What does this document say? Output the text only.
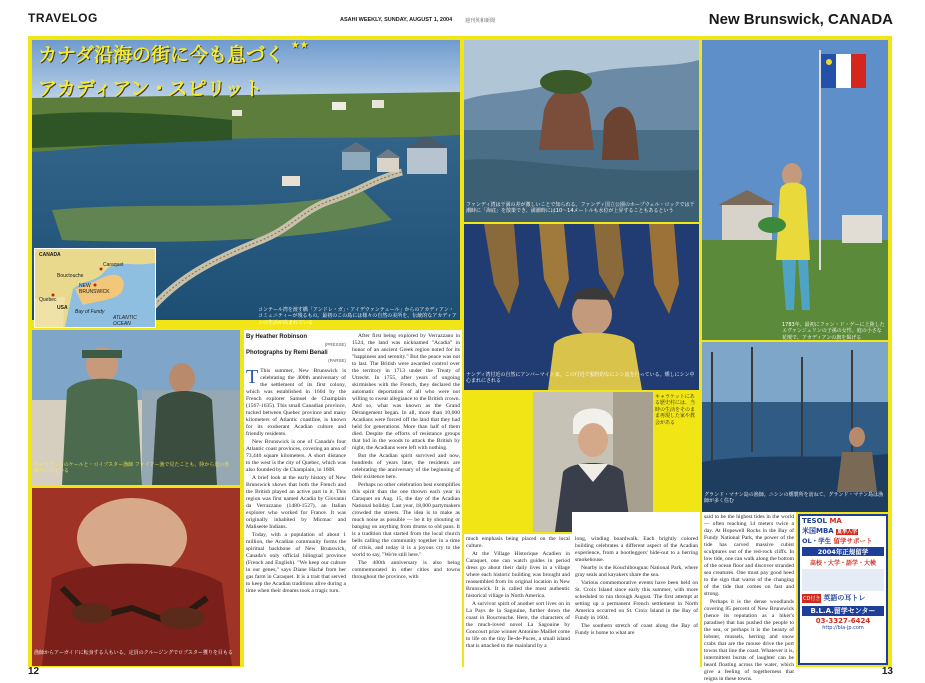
TRAVELOG	ASAHI WEEKLY, SUNDAY, AUGUST 1, 2004	週刊英和新聞	New Brunswick, CANADA
カナダ沿海の街に今も息づく ★★
アカディアン・スピリット
CANADA
Caraquet
Bouctouche
NEW BRUNSWICK
Quebec
USA
Bay of Fundy
ATLANTIC OCEAN
コンテール湾を渡す橋「アンドレ・ガ」・アイデウァンテュール」からのアカディアン・コミュニティーが残るもの。最初のこの島には様々の自然の美所を、伝統的なアカディアンの生活が高まれている
キャラケットのケールと・ロイブスター漁師 ファイアー漁で見たことも、陸から近い魚取りに出ている
漁師からアーガイドに転身する人もいる。定員のクルージングでロブスター獲りを目もる
By Heather Robinson
(PRESSE)
Photographs by Remi Benali
(PARSE)

T This summer, New Brunswick is celebrating the 400th anniversary of the settlement of its first colony, which was established in 1604 by the French explorer Samuel de Champlain (1567-1635). This small Canadian province, tucked between Quebec province and many kilometers of Atlantic coastline, is known for its exuberant Acadian culture and friendly residents.

New Brunswick is one of Canada's four Atlantic coast provinces, covering an area of 73,440 square kilometers. A short distance to the west is the city of Quebec, which was also founded by de Champlain, in 1608.

A brief look at the early history of New Brunswick shows that both the French and the British played an active part in it. This region was first named Acadia by Giovanni da Verrazzano (1480-1527), an Italian explorer who worked for France. It was originally inhabited by Micmac and Maliseete Indians.

Today, with a population of about 1 million, the Acadian community forms the spiritual backbone of New Brunswick, Canada's only official bilingual province (French and English). "We keep our culture in our genes," says Diane Haché from her gas farm in Caraquet. It is a trait that served to keep the Acadian traditions alive during a time when their dreams took a tragic turn.

After first being explored by Verrazzano in 1524, the land was nicknamed "Acadia" in honor of an ancient Greek region noted for its "happiness and serenity." But the peace was not to last. The British were awarded control over the territory in 1713 under the Treaty of Utrecht. In 1755, after years of ongoing skirmishes with the French, they declared the automatic deportation of all who were not willing to swear allegiance to the British crown. And so, what was known as the Grand Dérangement began. In all, more than 10,000 Acadians were forced off the land that they had held for generations. More than half of them died. Despite the efforts of resistance groups that hid in the woods to attack the British by night, the Acadians were left with nothing.

But the Acadian spirit survived and now, hundreds of years later, the residents are celebrating the anniversary of the beginning of their existence here.

Perhaps no other celebration best exemplifies this spirit than the one thrown each year in Caraquet on Aug. 15, the day of the Acadian National holiday. Last year, 18,000 partymakers crowded the streets. The idea is to make as much noise as possible — be it by shouting or banging on anything from drums to old pans. It is a tradition that started from the local church bells calling the community together in a time of crisis, and today it is a joyous cry to the world to say, "We're still here."

The 400th anniversary is also being commemorated in other cities and towns throughout the province, with

ファンディ湾は干満の差が激しいことで知られる。ファンディ国立公園のホープウェル・ロックでは干潮時に「海底」を散策でき、満潮時には10〜14メートルも水位が上昇することもあるという
1783年、最初にファン・ド・ゲーに上陸したエヴァンジェリンの子孫の女性。庭の小さな花壇で、アカディアンの旗を掲げる
ナンディ湾付近の自然にアンバーマイト家。この付近で独特的なにシン流を行っている。燻しにシン中心まれにされる
キャラケットにある歴史村には、当時の生活をそのまま再現した家や教会がある
グランド・マナン島の漁師。ニシンの燻製所を訪ねて、グランド・マナン島は漁師が多く住む

much emphasis being placed on the local culture.

At the Village Historique Acadien in Caraquet, one can watch guides in period dress go about their daily lives in a village where each historic building was brought and reassembled from its original location in New Brunswick. It is called the most authentic historical village in North America.

A survivor spirit of another sort lives on in La Pays de la Sagouine, further down the coast in Bouctouche. Here, the characters of the much-loved novel La Sagouine by Goncourt prize winner Antonine Maillet come to life on the tiny Île-de-Puces, a small island that is attached to the mainland by a

long, winding boardwalk. Each brightly colored building celebrates a different aspect of the Acadian experience, from a bootleggers' hide-out to a herring smokehouse.

Nearby is the Kouchibouguac National Park, where gray seals and kayakers share the sea.

Various commemorative events have been held on St. Croix Island since early this summer, with more scheduled to run through August. The first attempt at setting up a permanent French settlement in North America occurred on St. Croix Island in the Bay of Fundy in 1604.

The southern stretch of coast along the Bay of Fundy is home to what are

said to be the highest tides in the world — often reaching 14 meters twice a day. At Hopewell Rocks in the Bay of Fundy National Park, the power of the tide has carved massive cubist sculptures out of the red-rock cliffs. In low tide, one can walk along the bottom of the ocean floor and discover stranded sea creatures. One must pay good heed to the sign that warns of the changing of the tide that comes on fast and strong.

Perhaps it is the dense woodlands covering 85 percent of New Brunswick (hence its reputation as a hiker's paradise) that has pushed the people to the sea, or perhaps it is the beauty of lobster, mussels, herring and snow crabs that are the mouse drive the port towns that line the coast. Whatever it is, intermittent bursts of laughter can be heard floating across the water, which give a feeling of togetherness that reigns in these towns.

TESOL MA
米国MBA 夏季入学
OL・学生 留学サポート
2004年正規留学
高校・大学・語学・大検
CD付き 英語の耳トレ
B.L.A.留学センター
03-3327-6424
http://bla-jp.com
12	13
